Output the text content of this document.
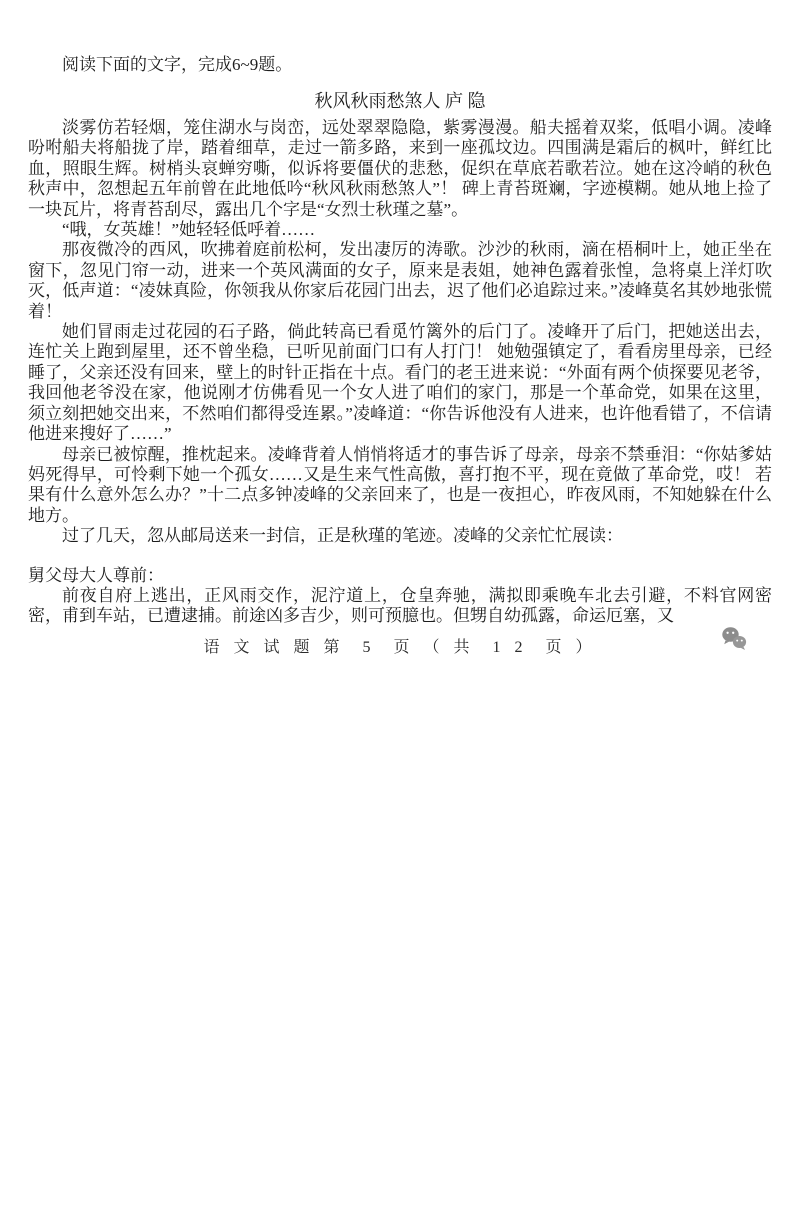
阅读下面的文字，完成6~9题。

秋风秋雨愁煞人 庐 隐

淡雾仿若轻烟，笼住湖水与岗峦，远处翠翠隐隐，紫雾漫漫。船夫摇着双桨，低唱小调。凌峰吩咐船夫将船拢了岸，踏着细草，走过一箭多路，来到一座孤坟边。四围满是霜后的枫叶，鲜红比血，照眼生辉。树梢头哀蝉穷嘶，似诉将要僵伏的悲愁，促织在草底若歌若泣。她在这冷峭的秋色秋声中，忽想起五年前曾在此地低吟“秋风秋雨愁煞人”！ 碑上青苔斑斓，字迹模糊。她从地上捡了一块瓦片，将青苔刮尽，露出几个字是“女烈士秋瑾之墓”。

“哦，女英雄！”她轻轻低呼着……

那夜微冷的西风，吹拂着庭前松柯，发出凄厉的涛歌。沙沙的秋雨，滴在梧桐叶上，她正坐在窗下，忽见门帘一动，进来一个英风满面的女子，原来是表姐，她神色露着张惶，急将桌上洋灯吹灭，低声道：“凌妹真险，你领我从你家后花园门出去，迟了他们必追踪过来。”凌峰莫名其妙地张慌着！

她们冒雨走过花园的石子路，倘此转高已看觅竹篱外的后门了。凌峰开了后门，把她送出去，连忙关上跑到屋里，还不曾坐稳，已听见前面门口有人打门！ 她勉强镇定了，看看房里母亲，已经睡了，父亲还没有回来，壁上的时针正指在十点。看门的老王进来说：“外面有两个侦探要见老爷，我回他老爷没在家，他说刚才仿佛看见一个女人进了咱们的家门，那是一个革命党，如果在这里，须立刻把她交出来，不然咱们都得受连累。”凌峰道：“你告诉他没有人进来，也许他看错了，不信请他进来搜好了……”

母亲已被惊醒，推枕起来。凌峰背着人悄悄将适才的事告诉了母亲，母亲不禁垂泪：“你姑爹姑妈死得早，可怜剩下她一个孤女……又是生来气性高傲，喜打抱不平，现在竟做了革命党，哎！ 若果有什么意外怎么办？”十二点多钟凌峰的父亲回来了，也是一夜担心，昨夜风雨，不知她躲在什么地方。

过了几天，忽从邮局送来一封信，正是秋瑾的笔迹。凌峰的父亲忙忙展读：

舅父母大人尊前：

前夜自府上逃出，正风雨交作，泥泞道上，仓皇奔驰，满拟即乘晚车北去引避，不料官网密密，甫到车站，已遭逮捕。前途凶多吉少，则可预臆也。但甥自幼孤露，命运厄塞，又

语 文 试 题 第  5  页 （ 共  1 2  页 ）
